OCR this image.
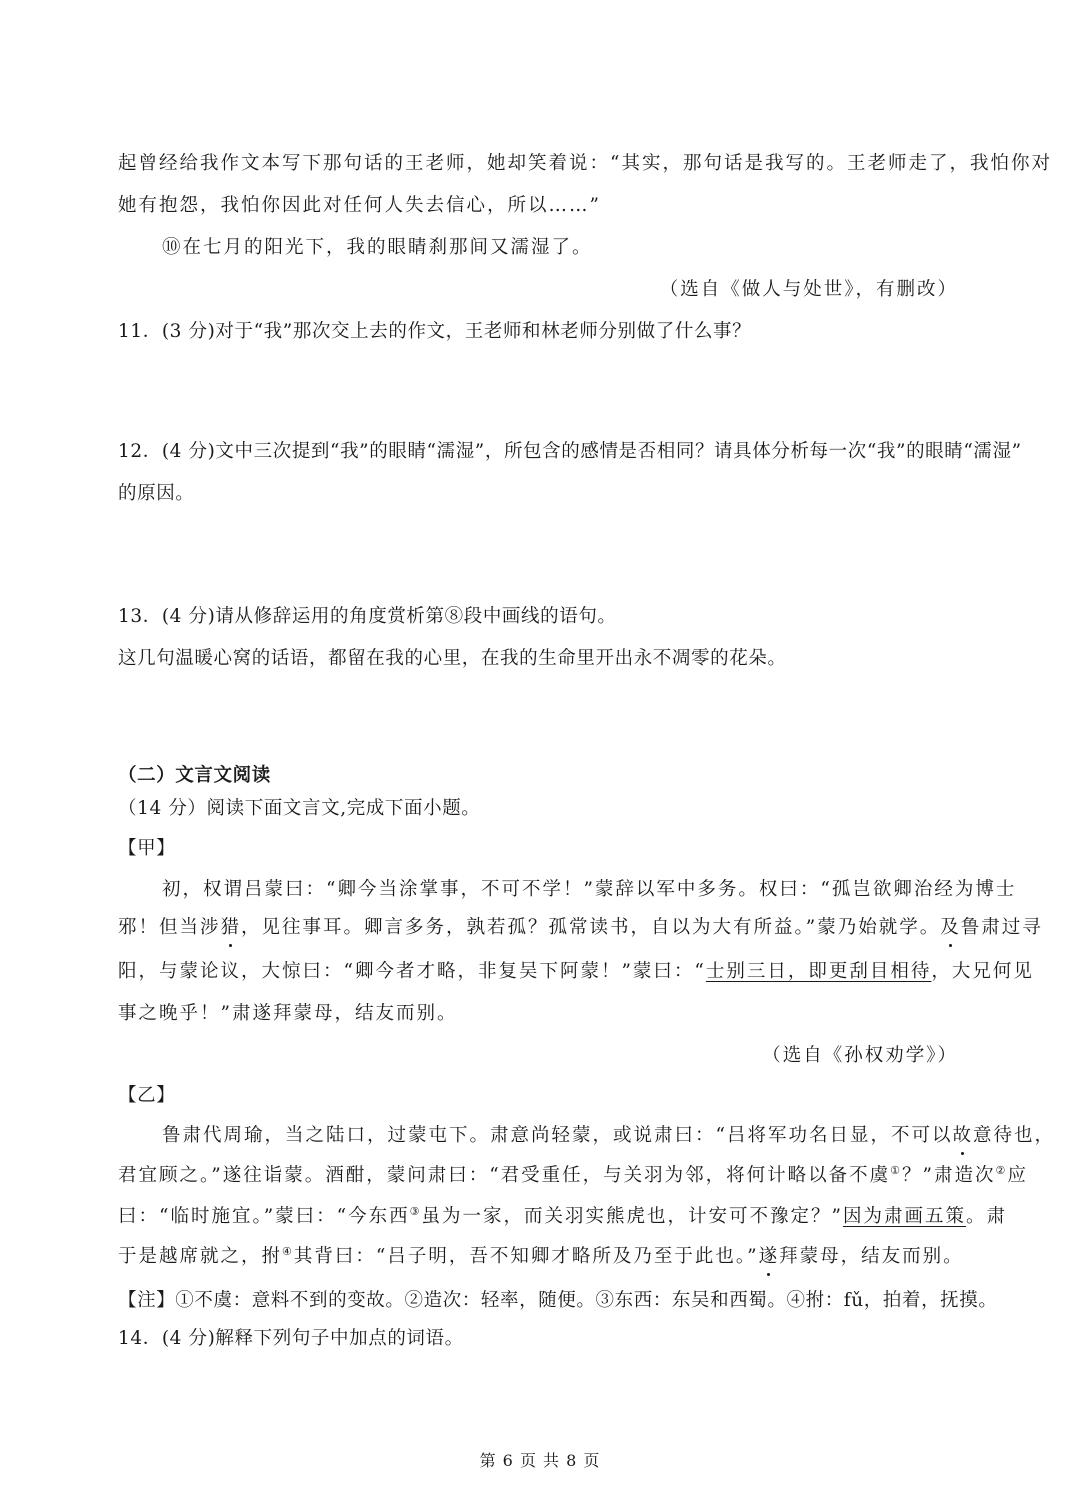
起曾经给我作文本写下那句话的王老师，她却笑着说：“其实，那句话是我写的。王老师走了，我怕你对
她有抱怨，我怕你因此对任何人失去信心，所以……”
⑩在七月的阳光下，我的眼睛刹那间又濡湿了。
（选自《做人与处世》，有删改）
11．(3 分)对于“我”那次交上去的作文，王老师和林老师分别做了什么事？
12．(4 分)文中三次提到“我”的眼睛“濡湿”，所包含的感情是否相同？请具体分析每一次“我”的眼睛“濡湿”
的原因。
13．(4 分)请从修辞运用的角度赏析第⑧段中画线的语句。
这几句温暖心窝的话语，都留在我的心里，在我的生命里开出永不凋零的花朵。
（二）文言文阅读
（14 分）阅读下面文言文,完成下面小题。
【甲】
初，权谓吕蒙曰：“卿今当涂掌事，不可不学！”蒙辞以军中多务。权曰：“孤岂欲卿治经为博士
邪！但当涉猎，见往事耳。卿言多务，孰若孤？孤常读书，自以为大有所益。”蒙乃始就学。及鲁肃过寻
阳，与蒙论议，大惊曰：“卿今者才略，非复吴下阿蒙！”蒙曰：“士别三日，即更刮目相待，大兄何见
事之晚乎！”肃遂拜蒙母，结友而别。
（选自《孙权劝学》）
【乙】
鲁肃代周瑜，当之陆口，过蒙屯下。肃意尚轻蒙，或说肃曰：“吕将军功名日显，不可以故意待也，
君宜顾之。”遂往诣蒙。酒酣，蒙问肃曰：“君受重任，与关羽为邻，将何计略以备不虞①？”肃造次②应
曰：“临时施宜。”蒙曰：“今东西③虽为一家，而关羽实熊虎也，计安可不豫定？”因为肃画五策。肃
于是越席就之，拊④其背曰：“吕子明，吾不知卿才略所及乃至于此也。”遂拜蒙母，结友而别。
【注】①不虞：意料不到的变故。②造次：轻率，随便。③东西：东吴和西蜀。④拊：fǔ，拍着，抚摸。
14．(4 分)解释下列句子中加点的词语。
第 6 页 共 8 页
